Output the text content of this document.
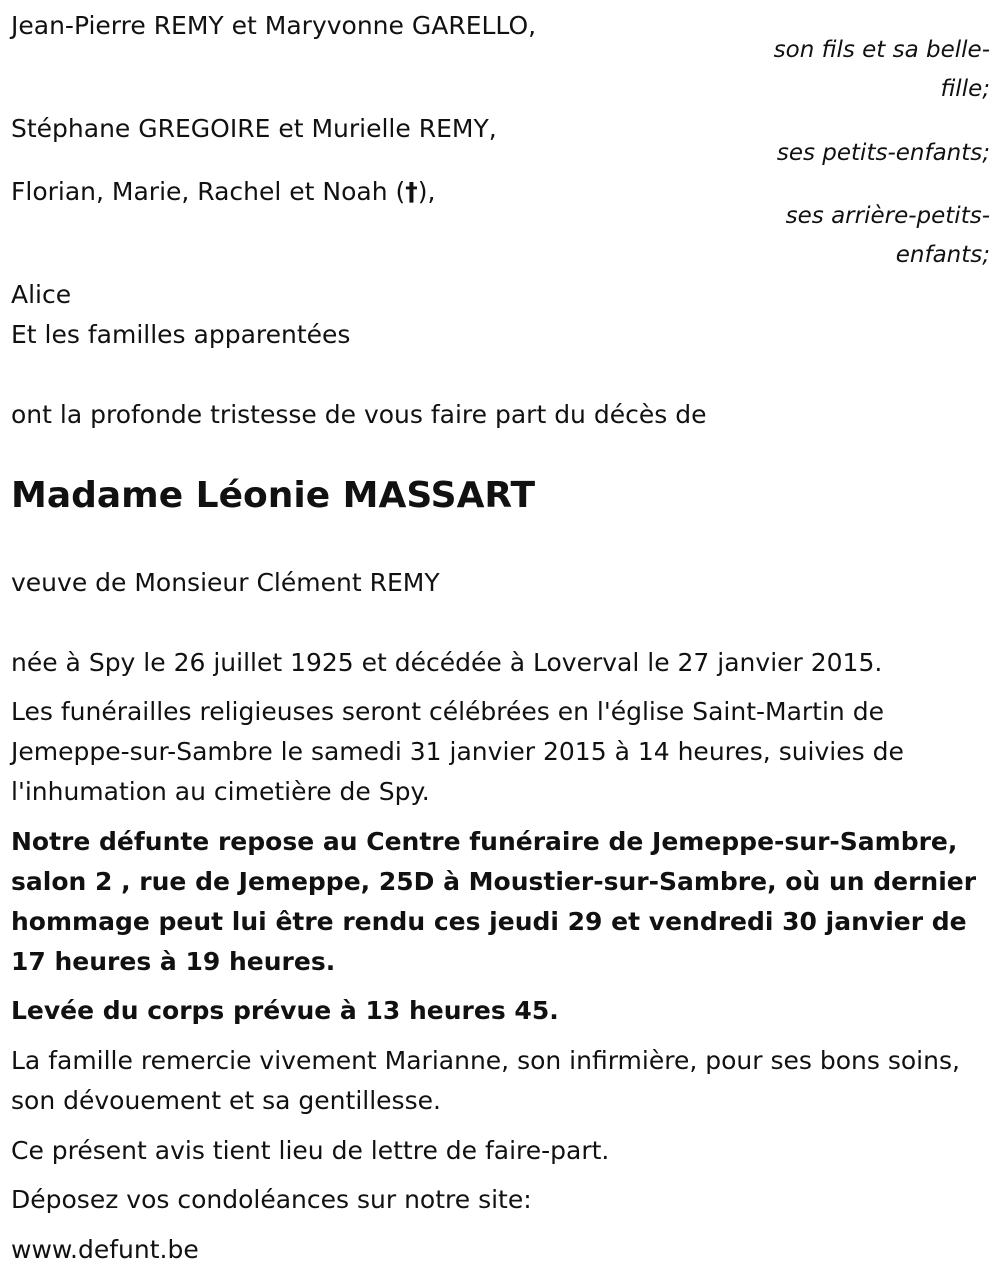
Jean-Pierre REMY et Maryvonne GARELLO,
son fils et sa belle-
fille;
Stéphane GREGOIRE et Murielle REMY,
ses petits-enfants;
Florian, Marie, Rachel et Noah (†),
ses arrière-petits-
enfants;
Alice
Et les familles apparentées
ont la profonde tristesse de vous faire part du décès de
Madame Léonie MASSART
veuve de Monsieur Clément REMY
née à Spy le 26 juillet 1925 et décédée à Loverval le 27 janvier 2015.
Les funérailles religieuses seront célébrées en l'église Saint-Martin de Jemeppe-sur-Sambre le samedi 31 janvier 2015 à 14 heures, suivies de l'inhumation au cimetière de Spy.
Notre défunte repose au Centre funéraire de Jemeppe-sur-Sambre, salon 2 , rue de Jemeppe, 25D à Moustier-sur-Sambre, où un dernier hommage peut lui être rendu ces jeudi 29 et vendredi 30 janvier de 17 heures à 19 heures.
Levée du corps prévue à 13 heures 45.
La famille remercie vivement Marianne, son infirmière, pour ses bons soins, son dévouement et sa gentillesse.
Ce présent avis tient lieu de lettre de faire-part.
Déposez vos condoléances sur notre site:
www.defunt.be
